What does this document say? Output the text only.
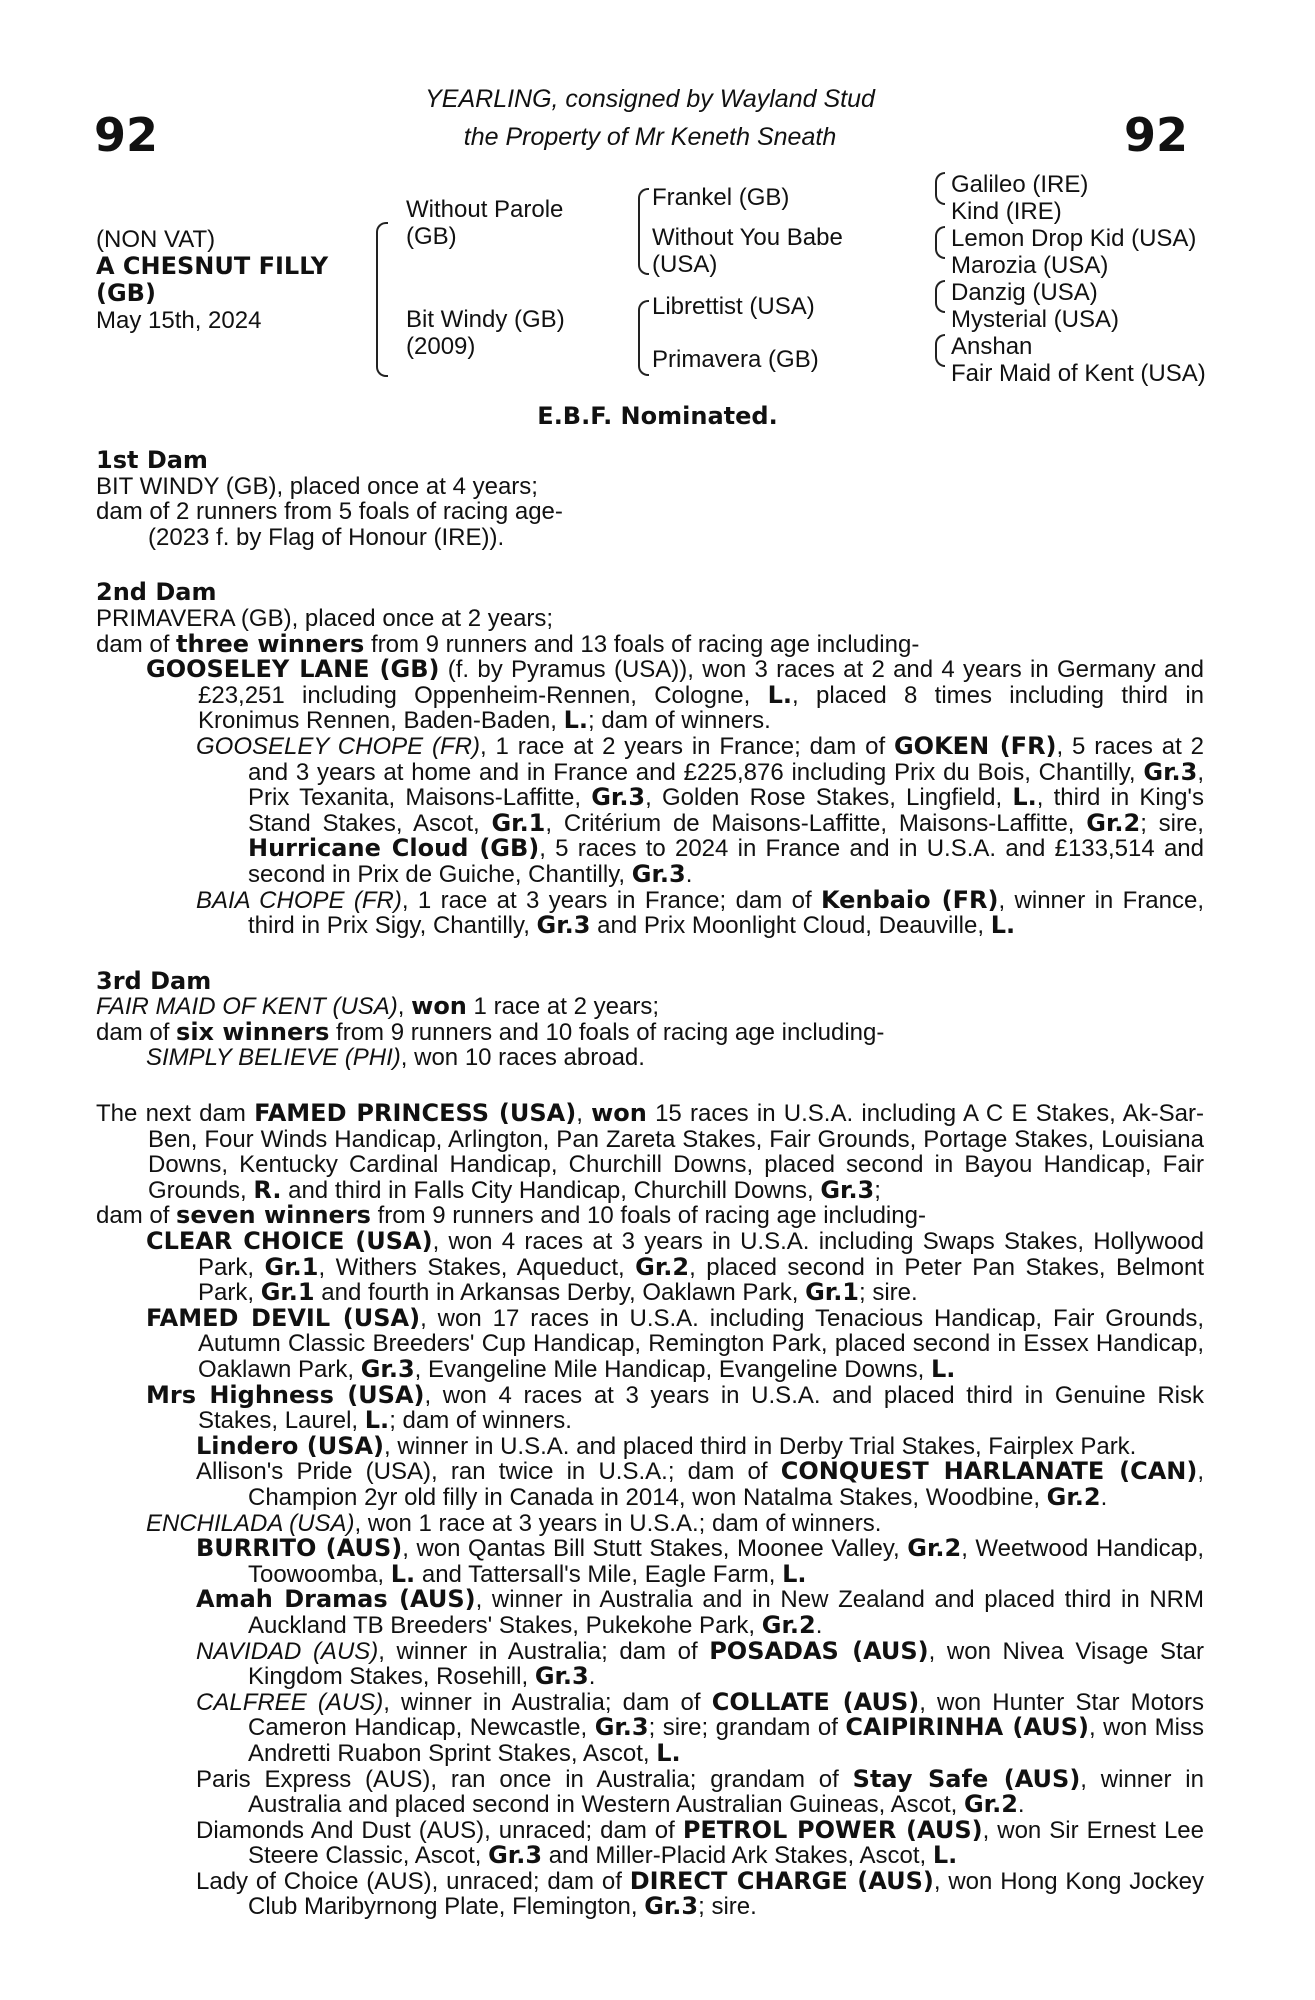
92	92
YEARLING, consigned by Wayland Stud
the Property of Mr Keneth Sneath
(NON VAT)
A CHESNUT FILLY
(GB)
May 15th, 2024
Without Parole
(GB)
Bit Windy (GB)
(2009)
Frankel (GB)
Without You Babe
(USA)
Librettist (USA)
Primavera (GB)
Galileo (IRE)
Kind (IRE)
Lemon Drop Kid (USA)
Marozia (USA)
Danzig (USA)
Mysterial (USA)
Anshan
Fair Maid of Kent (USA)
E.B.F. Nominated.
1st Dam
BIT WINDY (GB), placed once at 4 years;
dam of 2 runners from 5 foals of racing age-
(2023 f. by Flag of Honour (IRE)).
2nd Dam
PRIMAVERA (GB), placed once at 2 years;
dam of three winners from 9 runners and 13 foals of racing age including-
GOOSELEY LANE (GB) (f. by Pyramus (USA)), won 3 races at 2 and 4 years in Germany and £23,251 including Oppenheim-Rennen, Cologne, L., placed 8 times including third in Kronimus Rennen, Baden-Baden, L.; dam of winners.
GOOSELEY CHOPE (FR), 1 race at 2 years in France; dam of GOKEN (FR), 5 races at 2 and 3 years at home and in France and £225,876 including Prix du Bois, Chantilly, Gr.3, Prix Texanita, Maisons-Laffitte, Gr.3, Golden Rose Stakes, Lingfield, L., third in King's Stand Stakes, Ascot, Gr.1, Critérium de Maisons-Laffitte, Maisons-Laffitte, Gr.2; sire, Hurricane Cloud (GB), 5 races to 2024 in France and in U.S.A. and £133,514 and second in Prix de Guiche, Chantilly, Gr.3.
BAIA CHOPE (FR), 1 race at 3 years in France; dam of Kenbaio (FR), winner in France, third in Prix Sigy, Chantilly, Gr.3 and Prix Moonlight Cloud, Deauville, L.
3rd Dam
FAIR MAID OF KENT (USA), won 1 race at 2 years;
dam of six winners from 9 runners and 10 foals of racing age including-
SIMPLY BELIEVE (PHI), won 10 races abroad.
The next dam FAMED PRINCESS (USA), won 15 races in U.S.A. including A C E Stakes, Ak-Sar-Ben, Four Winds Handicap, Arlington, Pan Zareta Stakes, Fair Grounds, Portage Stakes, Louisiana Downs, Kentucky Cardinal Handicap, Churchill Downs, placed second in Bayou Handicap, Fair Grounds, R. and third in Falls City Handicap, Churchill Downs, Gr.3;
dam of seven winners from 9 runners and 10 foals of racing age including-
CLEAR CHOICE (USA), won 4 races at 3 years in U.S.A. including Swaps Stakes, Hollywood Park, Gr.1, Withers Stakes, Aqueduct, Gr.2, placed second in Peter Pan Stakes, Belmont Park, Gr.1 and fourth in Arkansas Derby, Oaklawn Park, Gr.1; sire.
FAMED DEVIL (USA), won 17 races in U.S.A. including Tenacious Handicap, Fair Grounds, Autumn Classic Breeders' Cup Handicap, Remington Park, placed second in Essex Handicap, Oaklawn Park, Gr.3, Evangeline Mile Handicap, Evangeline Downs, L.
Mrs Highness (USA), won 4 races at 3 years in U.S.A. and placed third in Genuine Risk Stakes, Laurel, L.; dam of winners.
Lindero (USA), winner in U.S.A. and placed third in Derby Trial Stakes, Fairplex Park.
Allison's Pride (USA), ran twice in U.S.A.; dam of CONQUEST HARLANATE (CAN), Champion 2yr old filly in Canada in 2014, won Natalma Stakes, Woodbine, Gr.2.
ENCHILADA (USA), won 1 race at 3 years in U.S.A.; dam of winners.
BURRITO (AUS), won Qantas Bill Stutt Stakes, Moonee Valley, Gr.2, Weetwood Handicap, Toowoomba, L. and Tattersall's Mile, Eagle Farm, L.
Amah Dramas (AUS), winner in Australia and in New Zealand and placed third in NRM Auckland TB Breeders' Stakes, Pukekohe Park, Gr.2.
NAVIDAD (AUS), winner in Australia; dam of POSADAS (AUS), won Nivea Visage Star Kingdom Stakes, Rosehill, Gr.3.
CALFREE (AUS), winner in Australia; dam of COLLATE (AUS), won Hunter Star Motors Cameron Handicap, Newcastle, Gr.3; sire; grandam of CAIPIRINHA (AUS), won Miss Andretti Ruabon Sprint Stakes, Ascot, L.
Paris Express (AUS), ran once in Australia; grandam of Stay Safe (AUS), winner in Australia and placed second in Western Australian Guineas, Ascot, Gr.2.
Diamonds And Dust (AUS), unraced; dam of PETROL POWER (AUS), won Sir Ernest Lee Steere Classic, Ascot, Gr.3 and Miller-Placid Ark Stakes, Ascot, L.
Lady of Choice (AUS), unraced; dam of DIRECT CHARGE (AUS), won Hong Kong Jockey Club Maribyrnong Plate, Flemington, Gr.3; sire.
